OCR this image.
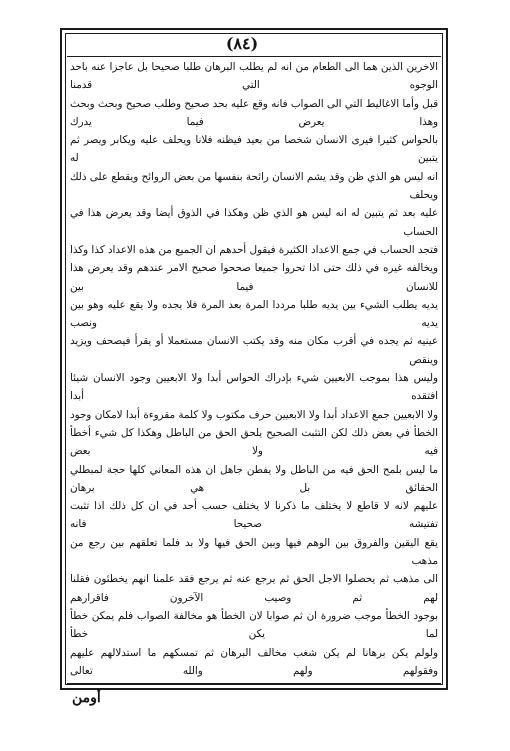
(٨٤)

الاخرين الذين هما الى الطعام من انه لم يطلب البرهان طلبا صحيحا بل عاجزا عنه باحد الوجوه التي قدمنا

قبل وأما الاغاليط التي الى الصواب فانه وقع عليه بحد صحيح وطلب صحيح وبحث وبحث وهذا يعرض فيما يدرك

بالحواس كثيرا فيرى الانسان شخصا من بعيد فيظنه فلانا ويحلف عليه ويكابر ويصر ثم يتبين له

انه ليس هو الذي ظن وقد يشم الانسان رائحة بنفسها من بعض الروائح ويقطع على ذلك ويحلف

عليه بعد ثم يتبين له انه ليس هو الذي ظن وهكذا في الذوق أيضا وقد يعرض هذا في الحساب

فتجد الحساب في جمع الاعداد الكثيرة فيقول أحدهم ان الجميع من هذه الاعداد كذا وكذا

ويخالفه غيره في ذلك حتى اذا تحروا جميعا صححوا صحيح الامر عندهم وقد يعرض هذا للانسان فيما بين

يديه يطلب الشيء بين يديه طلبا مرددا المرة بعد المرة فلا يجده ولا يقع عليه وهو بين يديه ونصب

عينيه ثم يجده في أقرب مكان منه وقد يكتب الانسان مستعملا أو يقرأ فيصحف ويزيد وينقص

وليس هذا بموجب الابعيين شيء بإدراك الحواس أبدا ولا الابعيين وجود الانسان شيئا افتقده أبدا

ولا الابعيين جمع الاعداد أبدا ولا الابعيين حرف مكتوب ولا كلمة مقروءة أبدا لامكان وجود

الخطأ في بعض ذلك لكن التثبت الصحيح يلحق الحق من الباطل وهكذا كل شيء أخطأ فيه ولا بعض

ما ليس بلمح الحق فيه من الباطل ولا يفطن جاهل ان هذه المعاني كلها حجة لمبطلي الحقائق بل هي برهان

عليهم لانه لا قاطع لا يختلف ما ذكرنا لا يختلف حسب أحد في ان كل ذلك اذا تثبت تفتيشه صحيحا فانه

يقع اليقين والفروق بين الوهم فيها وبين الحق فيها ولا بد فلما تعلقهم بين رجع من مذهب

الى مذهب ثم يحصلوا الاجل الحق ثم يرجع عنه ثم يرجع فقد علمنا انهم يخطئون فقلنا لهم ثم وصيب الآخرون فاقرارهم

بوجود الخطأ موجب ضرورة ان ثم صوابا لان الخطأ هو مخالفة الصواب فلم يمكن خطأ لما يكن خطأ

ولولم يكن برهانا لم يكن شغب مخالف البرهان ثم تمسكهم ما استدلالهم عليهم وفقولهم ولهم والله تعالى

أومن
